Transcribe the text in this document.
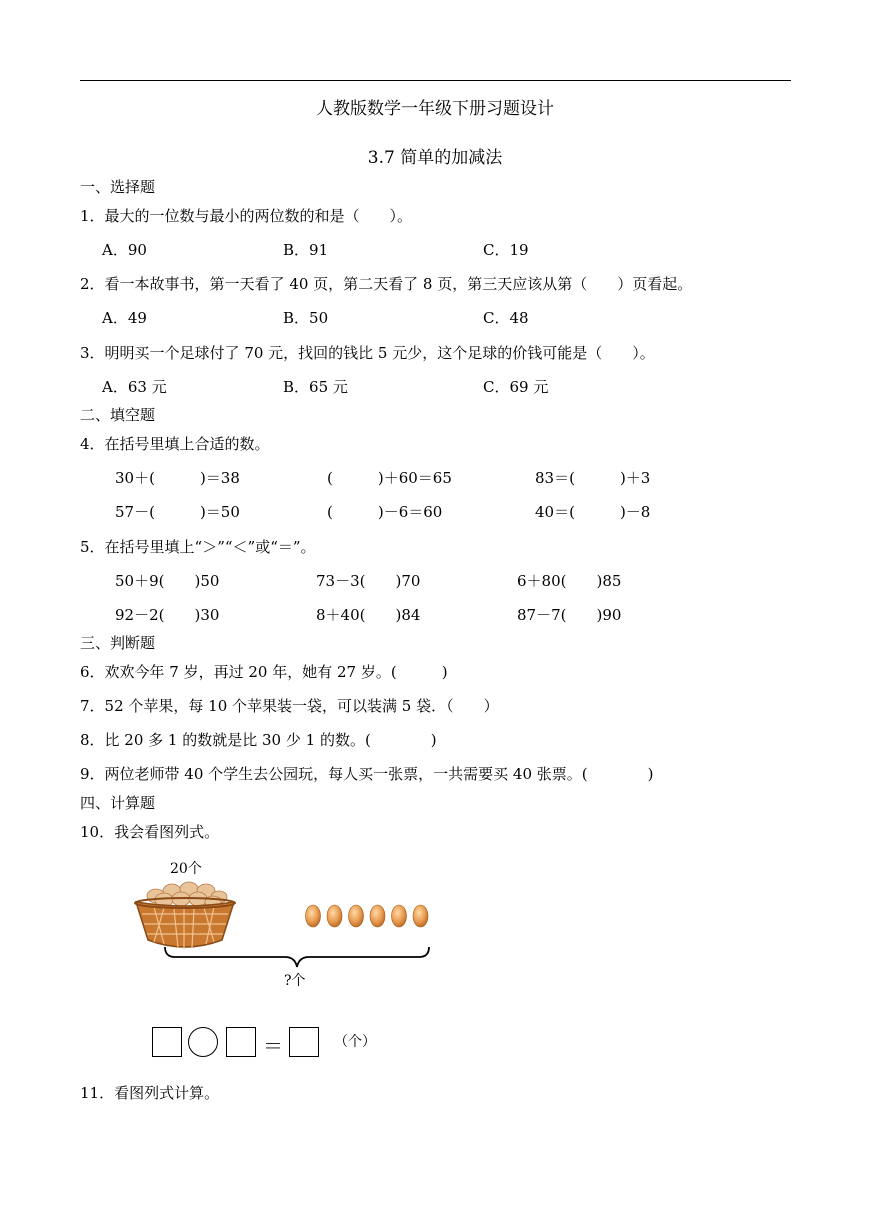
人教版数学一年级下册习题设计
3.7 简单的加减法
一、选择题
1．最大的一位数与最小的两位数的和是（　　）。
A．90	B．91	C．19
2．看一本故事书，第一天看了 40 页，第二天看了 8 页，第三天应该从第（　　）页看起。
A．49	B．50	C．48
3．明明买一个足球付了 70 元，找回的钱比 5 元少，这个足球的价钱可能是（　　）。
A．63 元	B．65 元	C．69 元
二、填空题
4．在括号里填上合适的数。
30＋(　　　)＝38	(　　　)＋60＝65	83＝(　　　)＋3
57－(　　　)＝50	(　　　)－6＝60	40＝(　　　)－8
5．在括号里填上“＞”“＜”或“＝”。
50＋9(　　)50	73－3(　　)70	6＋80(　　)85
92－2(　　)30	8＋40(　　)84	87－7(　　)90
三、判断题
6．欢欢今年 7 岁，再过 20 年，她有 27 岁。(　　　)
7．52 个苹果，每 10 个苹果装一袋，可以装满 5 袋．（　　）
8．比 20 多 1 的数就是比 30 少 1 的数。(　　　　)
9．两位老师带 40 个学生去公园玩，每人买一张票，一共需要买 40 张票。(　　　　)
四、计算题
10．我会看图列式。
20个
?个
＝	（个）
11．看图列式计算。
